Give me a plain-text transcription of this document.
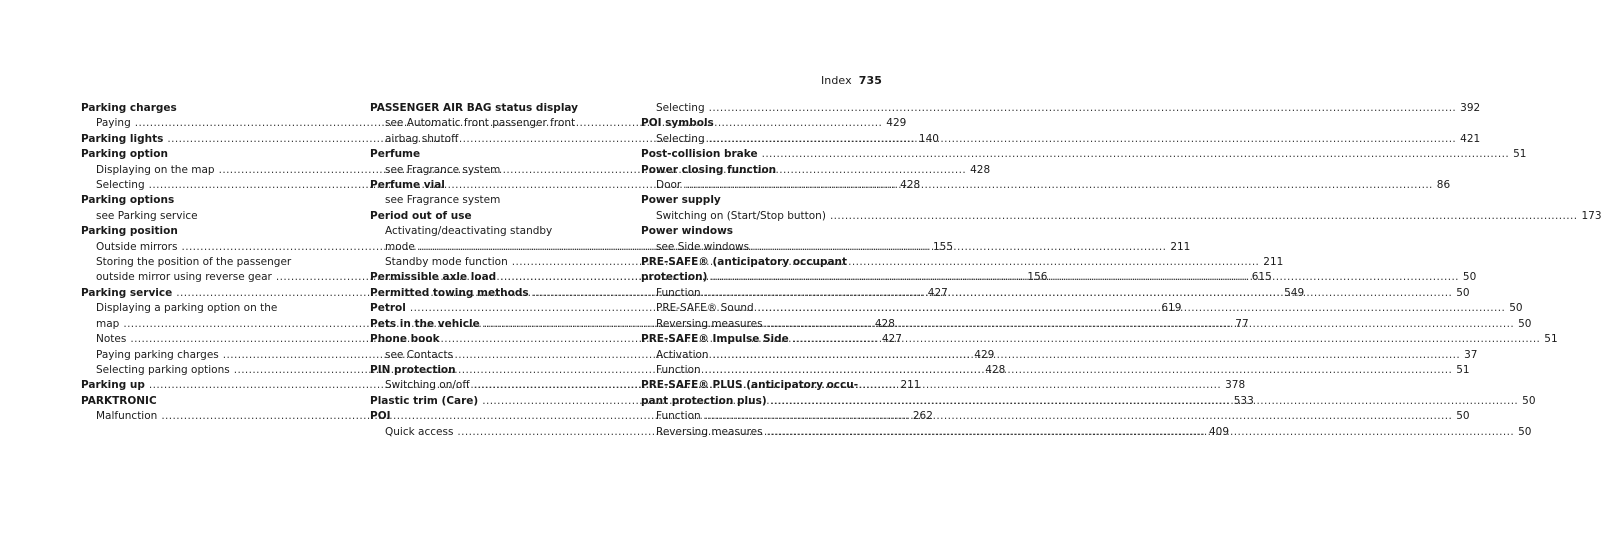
Index 735
Parking charges
Paying .....	429
Parking lights .....	140
Parking option
Displaying on the map .....	428
Selecting .....	428
Parking options
see Parking service
Parking position
Outside mirrors .....	155
Storing the position of the passenger
outside mirror using reverse gear .....	156
Parking service .....	427
Displaying a parking option on the
map .....	428
Notes .....	427
Paying parking charges .....	429
Selecting parking options .....	428
Parking up .....	211
PARKTRONIC
Malfunction .....	262
PASSENGER AIR BAG status display
see Automatic front passenger front
airbag shutoff
Perfume
see Fragrance system
Perfume vial
see Fragrance system
Period out of use
Activating/deactivating standby
mode .....	211
Standby mode function .....	211
Permissible axle load .....	615
Permitted towing methods .....	549
Petrol .....	619
Pets in the vehicle .....	77
Phone book
see Contacts
PIN protection
Switching on/off .....	378
Plastic trim (Care) .....	533
POI
Quick access .....	409
Selecting .....	392
POI symbols
Selecting .....	421
Post-collision brake .....	51
Power closing function
Door .....	86
Power supply
Switching on (Start/Stop button) .....	173
Power windows
see Side windows
PRE-SAFE® (anticipatory occupant
protection) .....	50
Function .....	50
PRE-SAFE® Sound .....	50
Reversing measures .....	50
PRE-SAFE® Impulse Side .....	51
Activation .....	37
Function .....	51
PRE-SAFE® PLUS (anticipatory occu-
pant protection plus) .....	50
Function .....	50
Reversing measures .....	50
